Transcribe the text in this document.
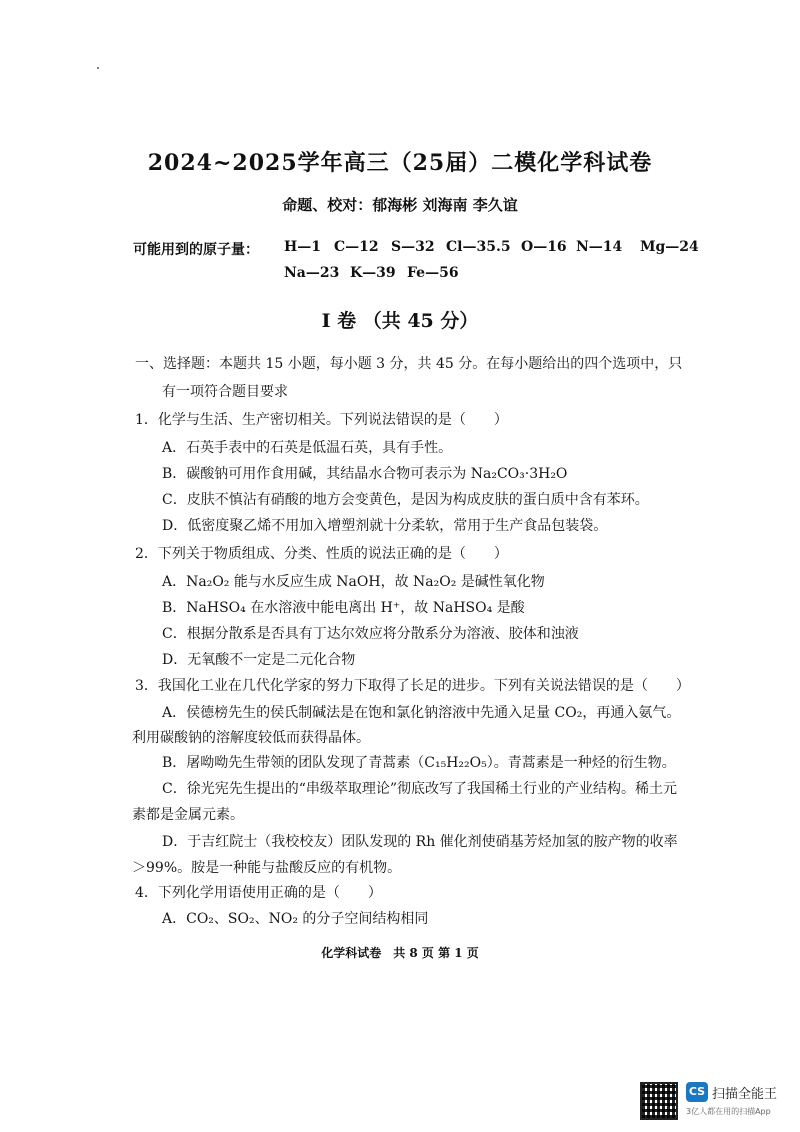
2024~2025学年高三（25届）二模化学科试卷
命题、校对：郁海彬 刘海南 李久谊
可能用到的原子量： H—1 C—12 S—32 Cl—35.5 O—16 N—14 Mg—24
Na—23 K—39 Fe—56
I 卷 （共 45 分）
一、选择题：本题共 15 小题，每小题 3 分，共 45 分。在每小题给出的四个选项中，只
有一项符合题目要求
1．化学与生活、生产密切相关。下列说法错误的是（　　）
A．石英手表中的石英是低温石英，具有手性。
B．碳酸钠可用作食用碱，其结晶水合物可表示为 Na₂CO₃·3H₂O
C．皮肤不慎沾有硝酸的地方会变黄色，是因为构成皮肤的蛋白质中含有苯环。
D．低密度聚乙烯不用加入增塑剂就十分柔软，常用于生产食品包装袋。
2．下列关于物质组成、分类、性质的说法正确的是（　　）
A．Na₂O₂ 能与水反应生成 NaOH，故 Na₂O₂ 是碱性氧化物
B．NaHSO₄ 在水溶液中能电离出 H⁺，故 NaHSO₄ 是酸
C．根据分散系是否具有丁达尔效应将分散系分为溶液、胶体和浊液
D．无氧酸不一定是二元化合物
3．我国化工业在几代化学家的努力下取得了长足的进步。下列有关说法错误的是（　　）
A．侯德榜先生的侯氏制碱法是在饱和氯化钠溶液中先通入足量 CO₂，再通入氨气。
利用碳酸钠的溶解度较低而获得晶体。
B．屠呦呦先生带领的团队发现了青蒿素（C₁₅H₂₂O₅）。青蒿素是一种烃的衍生物。
C．徐光宪先生提出的“串级萃取理论”彻底改写了我国稀土行业的产业结构。稀土元
素都是金属元素。
D．于吉红院士（我校校友）团队发现的 Rh 催化剂使硝基芳烃加氢的胺产物的收率
＞99%。胺是一种能与盐酸反应的有机物。
4．下列化学用语使用正确的是（　　）
A．CO₂、SO₂、NO₂ 的分子空间结构相同
化学科试卷　共 8 页 第 1 页
CS 扫描全能王
3亿人都在用的扫描App
